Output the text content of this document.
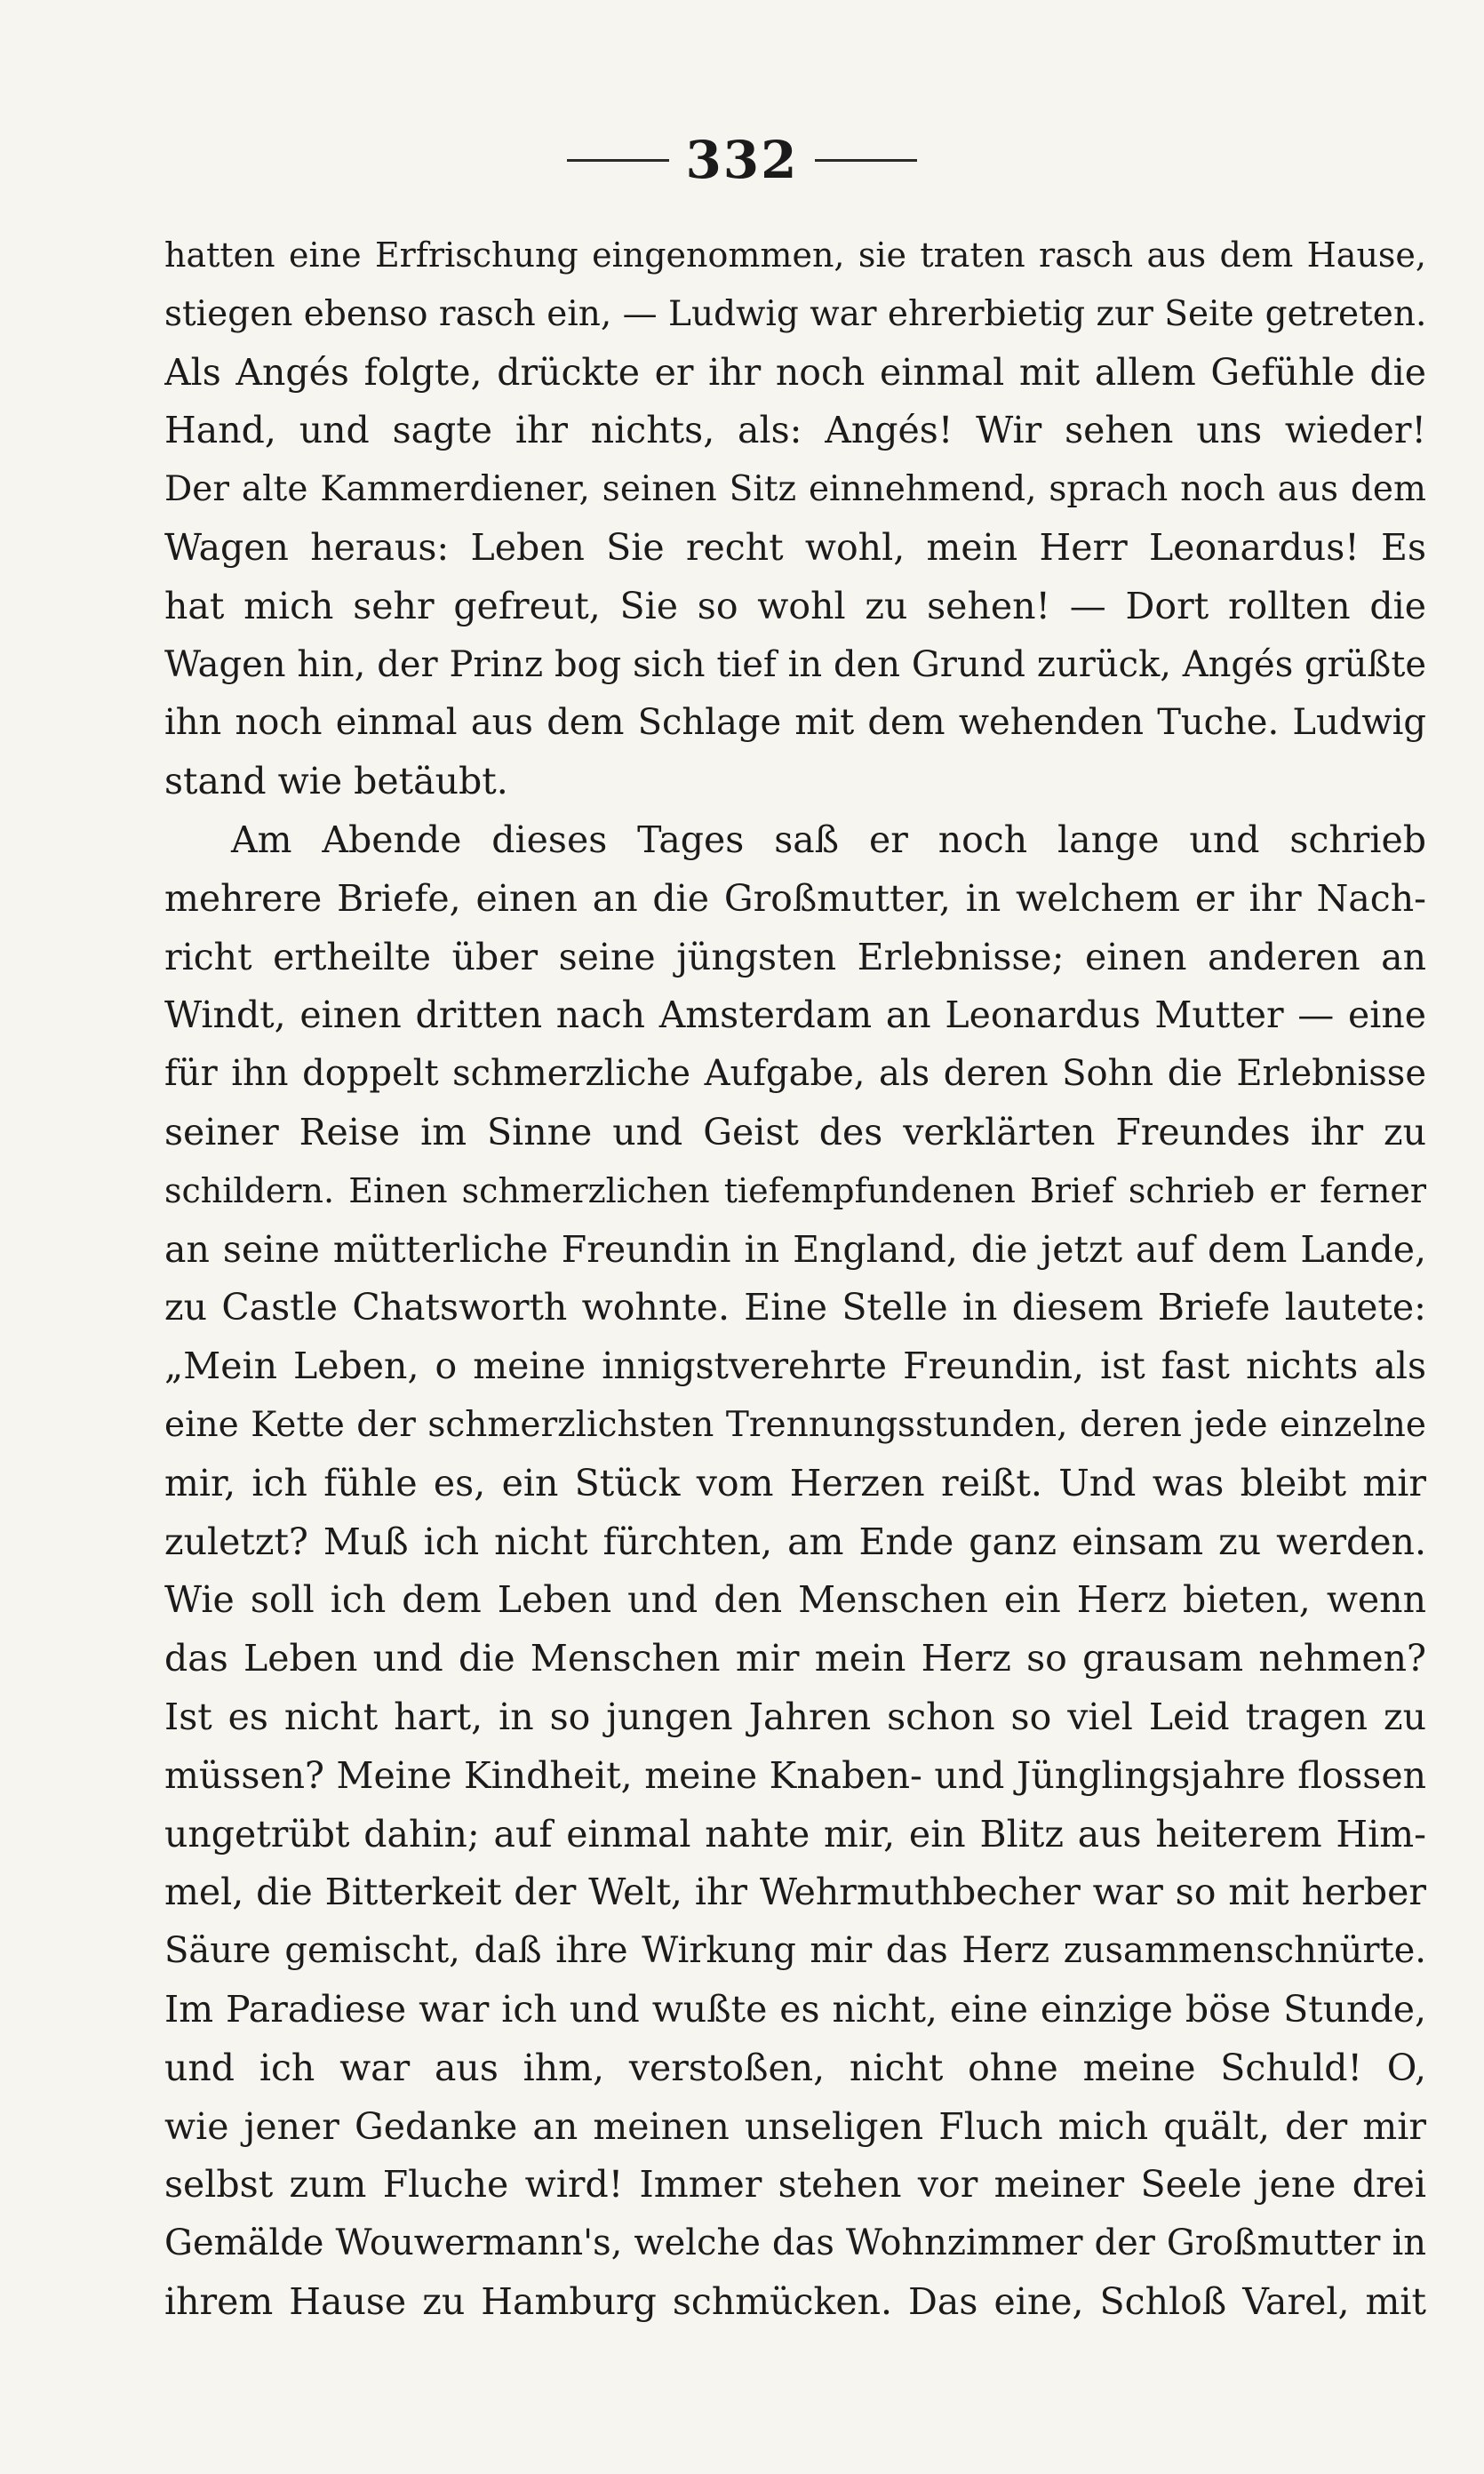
332
hatten eine Erfrischung eingenommen, sie traten rasch aus dem Hause,
stiegen ebenso rasch ein, — Ludwig war ehrerbietig zur Seite getreten.
Als Angés folgte, drückte er ihr noch einmal mit allem Gefühle die
Hand, und sagte ihr nichts, als: Angés! Wir sehen uns wieder!
Der alte Kammerdiener, seinen Sitz einnehmend, sprach noch aus dem
Wagen heraus: Leben Sie recht wohl, mein Herr Leonardus! Es
hat mich sehr gefreut, Sie so wohl zu sehen! — Dort rollten die
Wagen hin, der Prinz bog sich tief in den Grund zurück, Angés grüßte
ihn noch einmal aus dem Schlage mit dem wehenden Tuche. Ludwig
stand wie betäubt.
Am Abende dieses Tages saß er noch lange und schrieb
mehrere Briefe, einen an die Großmutter, in welchem er ihr Nach-
richt ertheilte über seine jüngsten Erlebnisse; einen anderen an
Windt, einen dritten nach Amsterdam an Leonardus Mutter — eine
für ihn doppelt schmerzliche Aufgabe, als deren Sohn die Erlebnisse
seiner Reise im Sinne und Geist des verklärten Freundes ihr zu
schildern. Einen schmerzlichen tiefempfundenen Brief schrieb er ferner
an seine mütterliche Freundin in England, die jetzt auf dem Lande,
zu Castle Chatsworth wohnte. Eine Stelle in diesem Briefe lautete:
„Mein Leben, o meine innigstverehrte Freundin, ist fast nichts als
eine Kette der schmerzlichsten Trennungsstunden, deren jede einzelne
mir, ich fühle es, ein Stück vom Herzen reißt. Und was bleibt mir
zuletzt? Muß ich nicht fürchten, am Ende ganz einsam zu werden.
Wie soll ich dem Leben und den Menschen ein Herz bieten, wenn
das Leben und die Menschen mir mein Herz so grausam nehmen?
Ist es nicht hart, in so jungen Jahren schon so viel Leid tragen zu
müssen? Meine Kindheit, meine Knaben- und Jünglingsjahre flossen
ungetrübt dahin; auf einmal nahte mir, ein Blitz aus heiterem Him-
mel, die Bitterkeit der Welt, ihr Wehrmuthbecher war so mit herber
Säure gemischt, daß ihre Wirkung mir das Herz zusammenschnürte.
Im Paradiese war ich und wußte es nicht, eine einzige böse Stunde,
und ich war aus ihm, verstoßen, nicht ohne meine Schuld! O,
wie jener Gedanke an meinen unseligen Fluch mich quält, der mir
selbst zum Fluche wird! Immer stehen vor meiner Seele jene drei
Gemälde Wouwermann's, welche das Wohnzimmer der Großmutter in
ihrem Hause zu Hamburg schmücken. Das eine, Schloß Varel, mit
